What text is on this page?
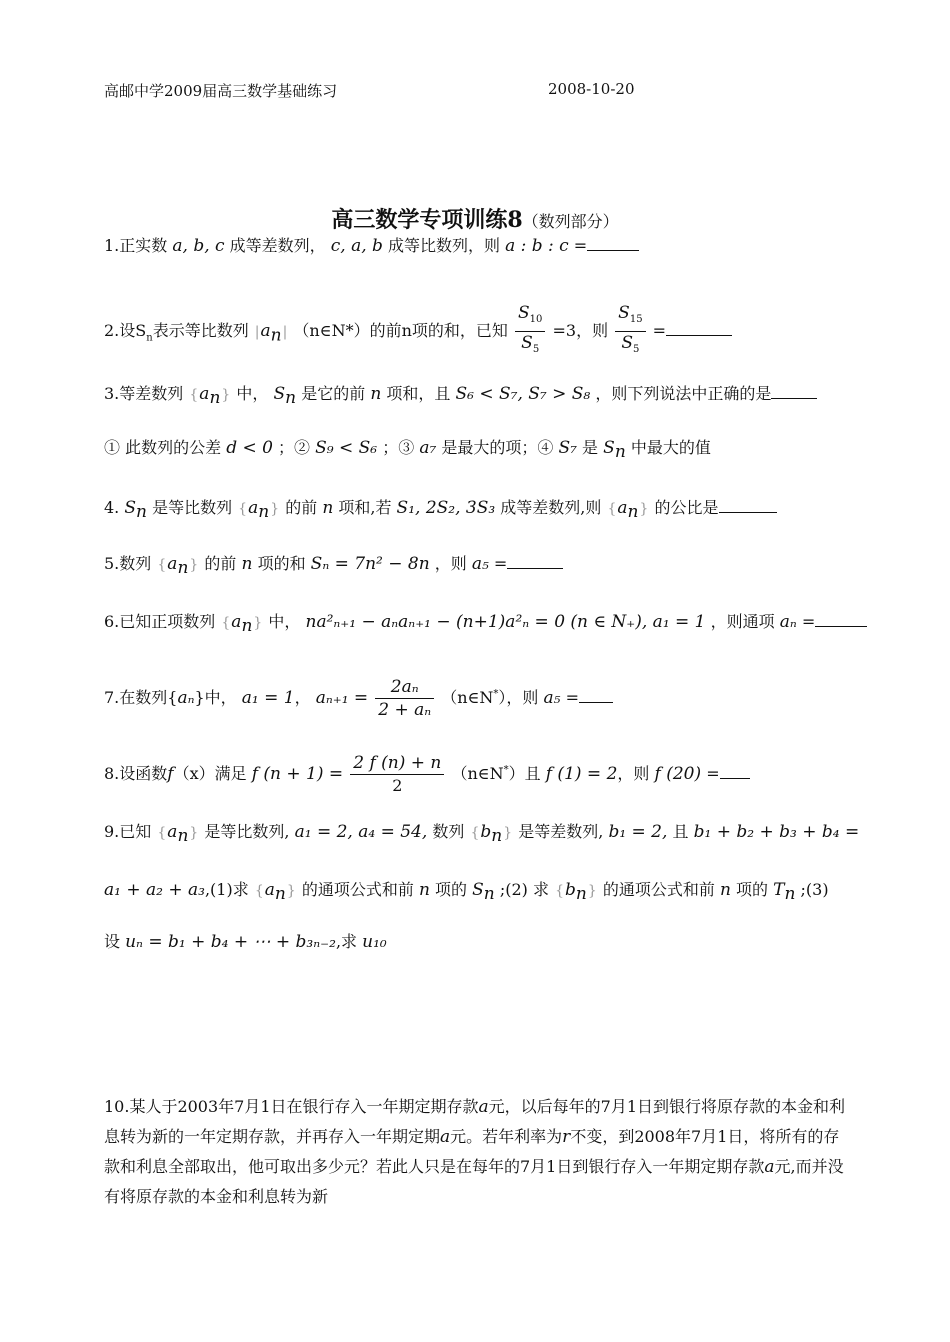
高邮中学2009届高三数学基础练习	2008-10-20
高三数学专项训练8（数列部分）
1.正实数 a, b, c 成等差数列， c, a, b 成等比数列，则 a : b : c =
2.设$S_n$表示等比数列 $|a_n|$ （n∈N*）的前n项的和，已知 $\frac{S_{10}}{S_5} =3$，则 $\frac{S_{15}}{S_5}$ =
3.等差数列 $\{a_n\}$ 中， $S_n$ 是它的前 n 项和，且 S₆ < S₇, S₇ > S₈ ，则下列说法中正确的是
① 此数列的公差 d < 0 ；② S₉ < S₆ ；③ a₇ 是最大的项；④ S₇ 是 $S_n$ 中最大的值
4. $S_n$ 是等比数列 $\{a_n\}$ 的前 n 项和,若 S₁, 2S₂, 3S₃ 成等差数列,则 $\{a_n\}$ 的公比是
5.数列 $\{a_n\}$ 的前 n 项的和 Sₙ = 7n² − 8n ，则 a₅ =
6.已知正项数列 $\{a_n\}$ 中， na²ₙ₊₁ − aₙaₙ₊₁ − (n+1)a²ₙ = 0 (n ∈ N₊), a₁ = 1 ，则通项 aₙ =
7.在数列{aₙ}中， a₁ = 1， $a_{n+1} = \frac{\text{2aₙ}}{\text{2 + aₙ}}$ （n∈N*），则 a₅ =
8.设函数f（x）满足 f $(n + 1) = \frac{2 f (n) + n}{2}$ （n∈N*）且 f (1) = 2，则 f (20) =
9.已知 $\{a_n\}$ 是等比数列, a₁ = 2, a₄ = 54, 数列 $\{b_n\}$ 是等差数列, b₁ = 2, 且 b₁ + b₂ + b₃ + b₄ =
a₁ + a₂ + a₃,(1)求 $\{a_n\}$ 的通项公式和前 n 项的 $S_n$ ;(2) 求 $\{b_n\}$ 的通项公式和前 n 项的 $T_n$ ;(3)
设 uₙ = b₁ + b₄ + ⋯ + b₃ₙ₋₂,求 u₁₀
10.某人于2003年7月1日在银行存入一年期定期存款a元，以后每年的7月1日到银行将原存款的本金和利息转为新的一年定期存款，并再存入一年期定期a元。若年利率为r不变，到2008年7月1日，将所有的存款和利息全部取出，他可取出多少元？若此人只是在每年的7月1日到银行存入一年期定期存款a元,而并没有将原存款的本金和利息转为新
